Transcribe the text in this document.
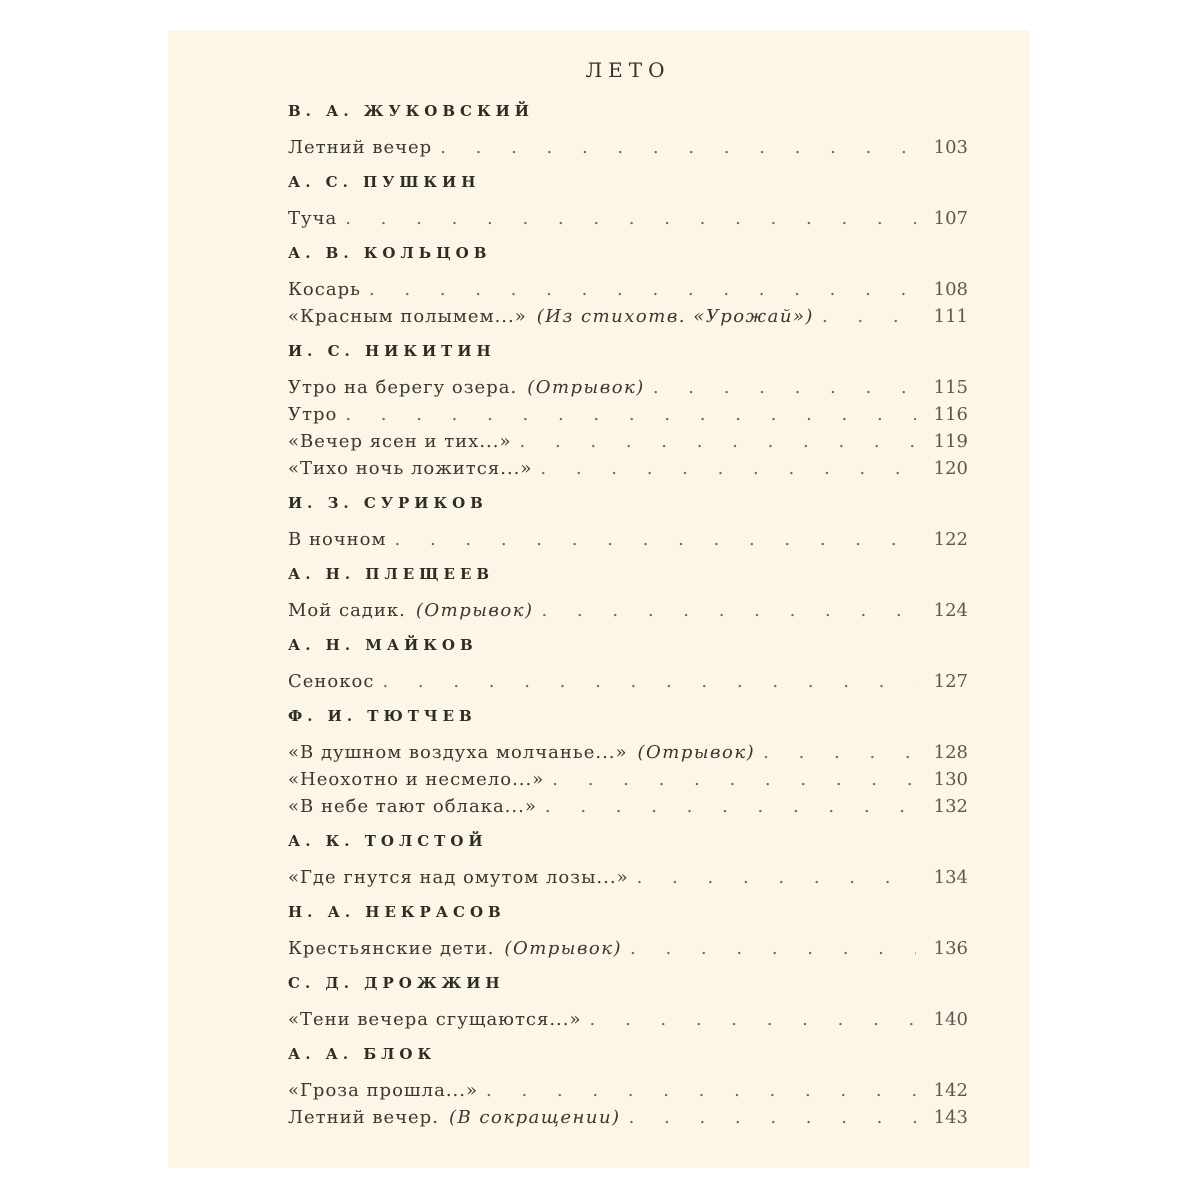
ЛЕТО
В. А. ЖУКОВСКИЙ
Летний вечер . . .	103
А. С. ПУШКИН
Туча . . .	107
А. В. КОЛЬЦОВ
Косарь . . .	108
«Красным полымем...» (Из стихотв. «Урожай») . . .	111
И. С. НИКИТИН
Утро на берегу озера. (Отрывок) . . .	115
Утро . . .	116
«Вечер ясен и тих...» . . .	119
«Тихо ночь ложится...» . . .	120
И. З. СУРИКОВ
В ночном . . .	122
А. Н. ПЛЕЩЕЕВ
Мой садик. (Отрывок) . . .	124
А. Н. МАЙКОВ
Сенокос . . .	127
Ф. И. ТЮТЧЕВ
«В душном воздуха молчанье...» (Отрывок) . . .	128
«Неохотно и несмело...» . . .	130
«В небе тают облака...» . . .	132
А. К. ТОЛСТОЙ
«Где гнутся над омутом лозы...» . . .	134
Н. А. НЕКРАСОВ
Крестьянские дети. (Отрывок) . . .	136
С. Д. ДРОЖЖИН
«Тени вечера сгущаются...» . . .	140
А. А. БЛОК
«Гроза прошла...» . . .	142
Летний вечер. (В сокращении) . . .	143
